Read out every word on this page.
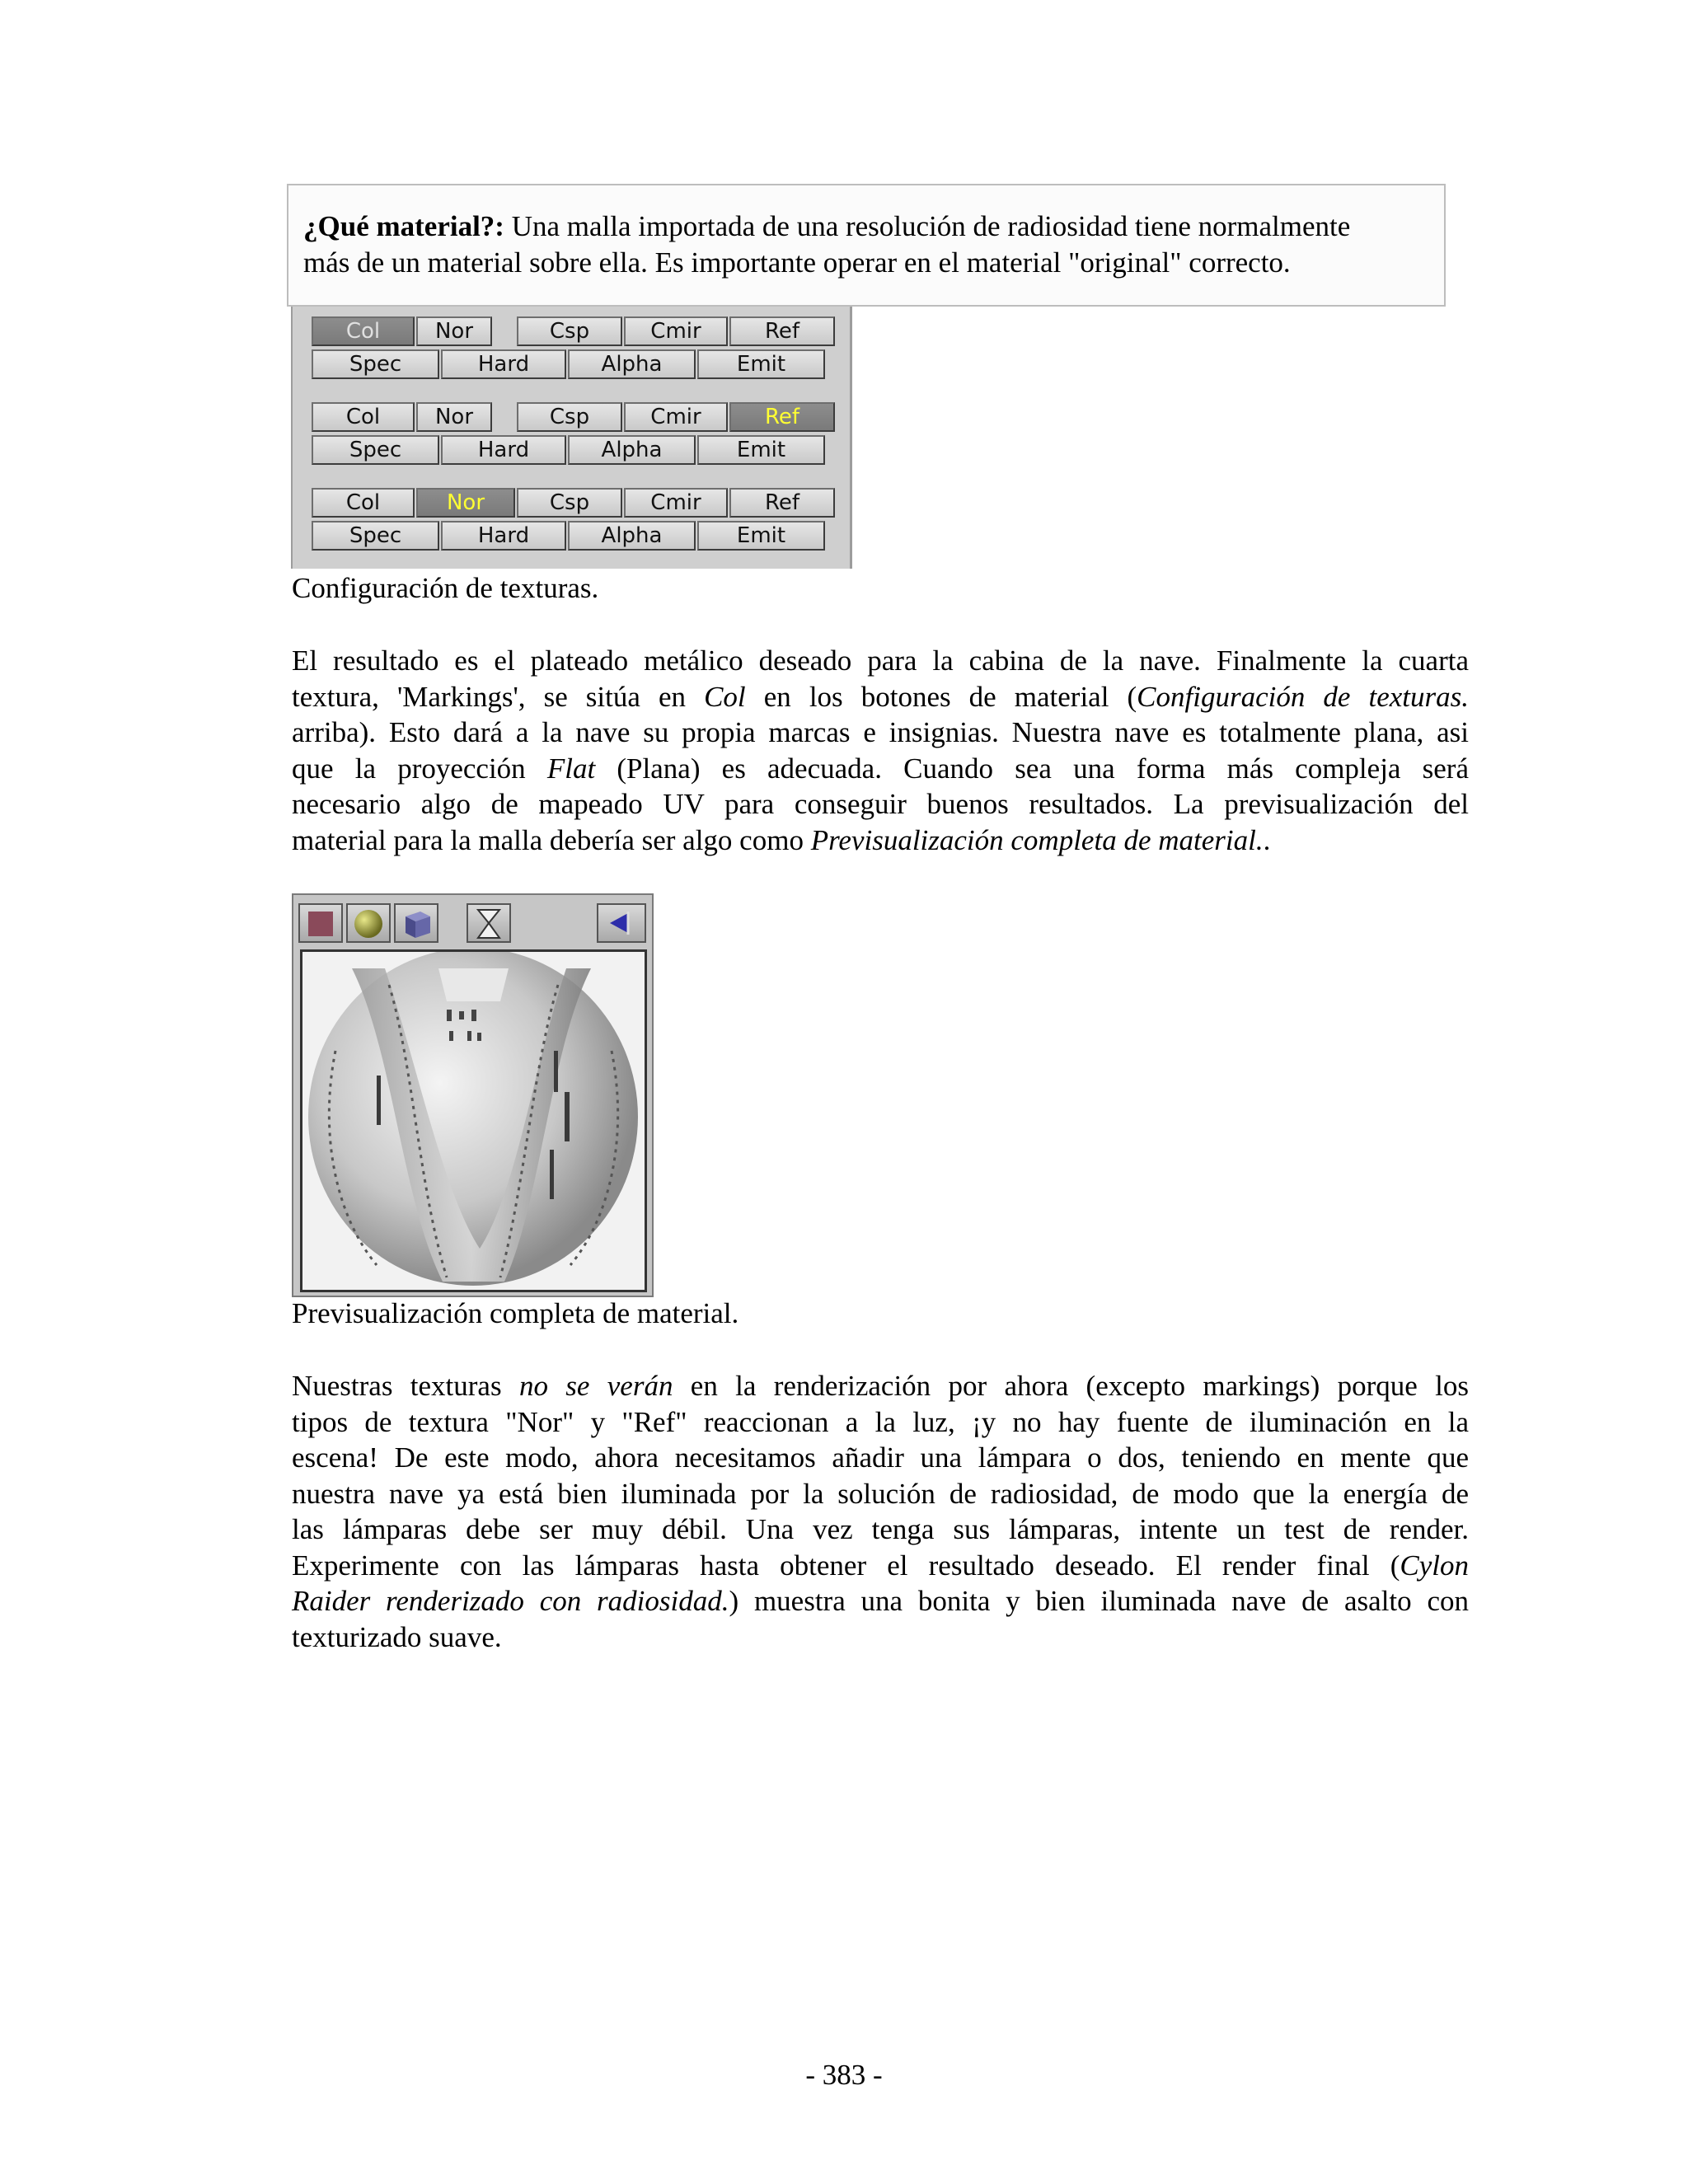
¿Qué material?: Una malla importada de una resolución de radiosidad tiene normalmente
más de un material sobre ella. Es importante operar en el material "original" correcto.
Col	Nor	Csp	Cmir	Ref
Spec	Hard	Alpha	Emit
Col	Nor	Csp	Cmir	Ref
Spec	Hard	Alpha	Emit
Col	Nor	Csp	Cmir	Ref
Spec	Hard	Alpha	Emit
Configuración de texturas.
El resultado es el plateado metálico deseado para la cabina de la nave. Finalmente la cuarta
textura, 'Markings', se sitúa en Col en los botones de material (Configuración de texturas.
arriba). Esto dará a la nave su propia marcas e insignias. Nuestra nave es totalmente plana, asi
que la proyección Flat (Plana) es adecuada. Cuando sea una forma más compleja será
necesario algo de mapeado UV para conseguir buenos resultados. La previsualización del
material para la malla debería ser algo como Previsualización completa de material..
Previsualización completa de material.
Nuestras texturas no se verán en la renderización por ahora (excepto markings) porque los
tipos de textura "Nor" y "Ref" reaccionan a la luz, ¡y no hay fuente de iluminación en la
escena! De este modo, ahora necesitamos añadir una lámpara o dos, teniendo en mente que
nuestra nave ya está bien iluminada por la solución de radiosidad, de modo que la energía de
las lámparas debe ser muy débil. Una vez tenga sus lámparas, intente un test de render.
Experimente con las lámparas hasta obtener el resultado deseado. El render final (Cylon
Raider renderizado con radiosidad.) muestra una bonita y bien iluminada nave de asalto con
texturizado suave.
- 383 -
